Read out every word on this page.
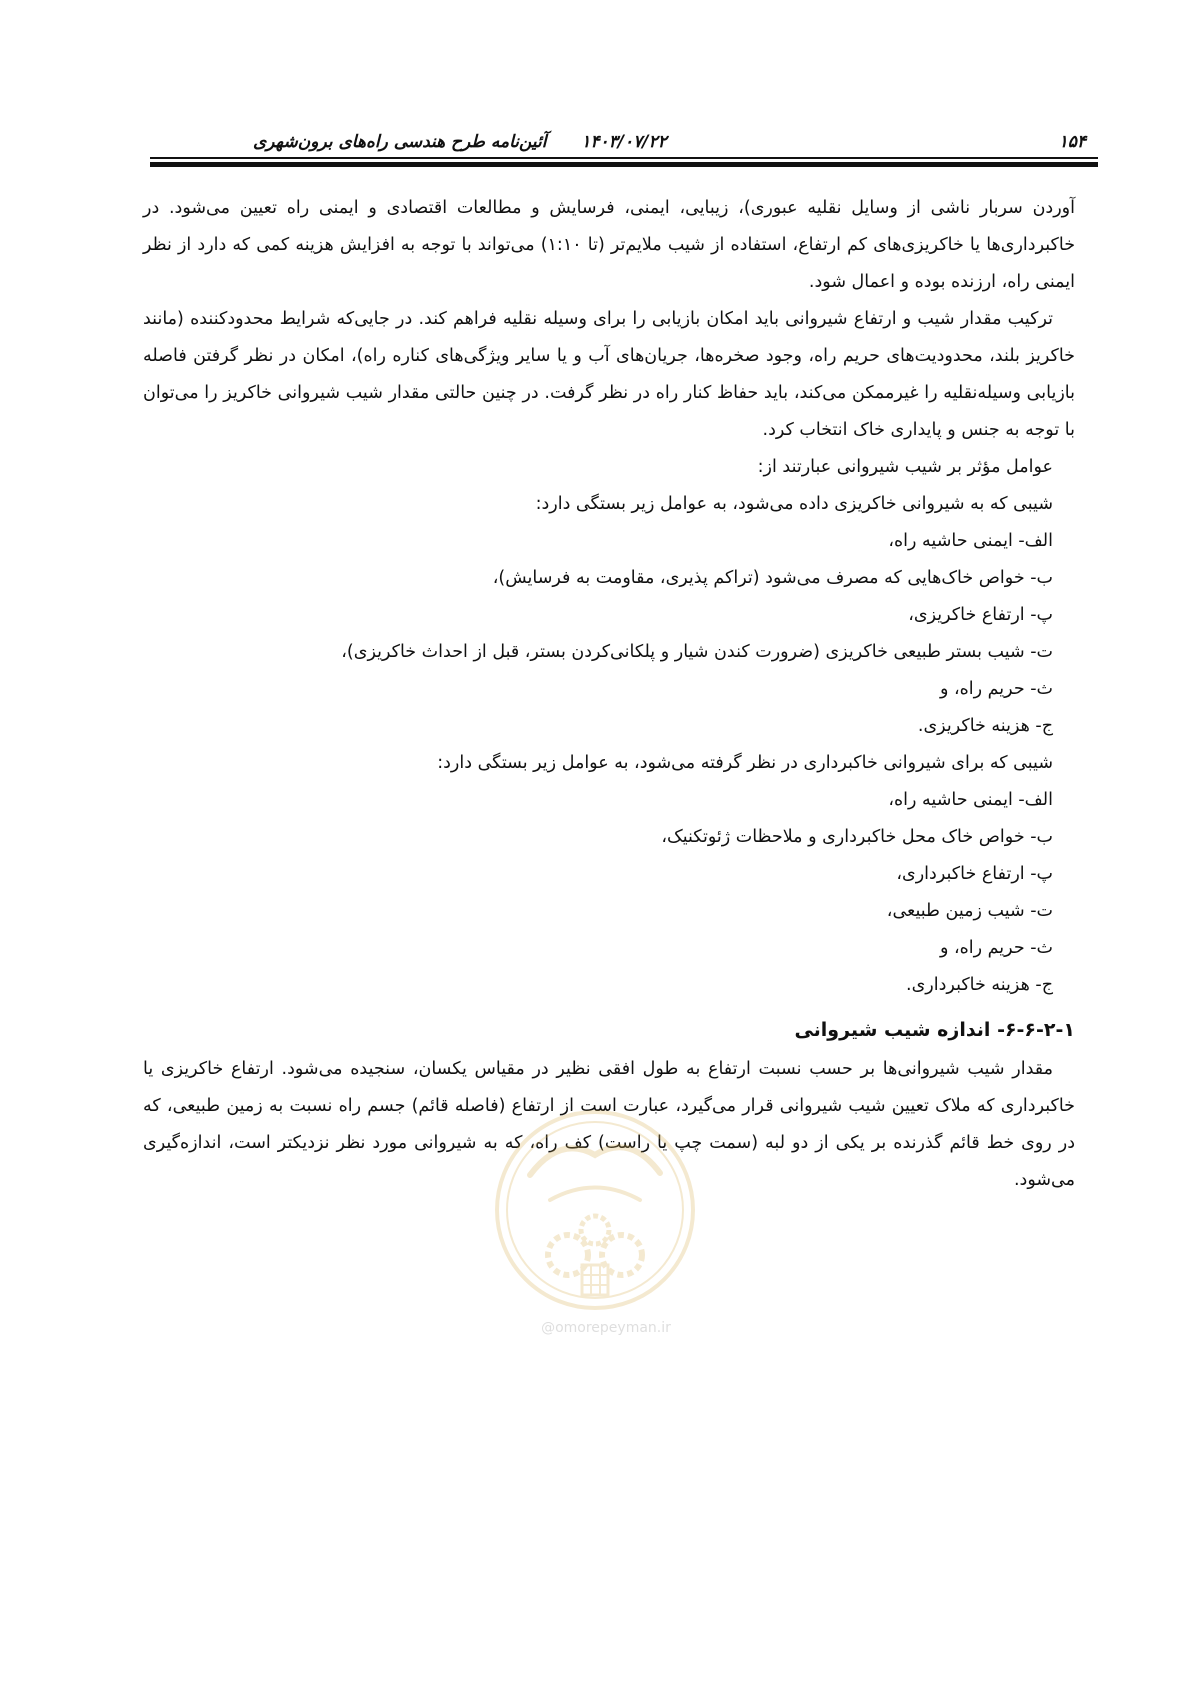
۱۵۴
۱۴۰۳/۰۷/۲۲
آئین‌نامه طرح هندسی راه‌های برون‌شهری

آوردن سربار ناشی از وسایل نقلیه عبوری)، زیبایی، ایمنی، فرسایش و مطالعات اقتصادی و ایمنی راه تعیین می‌شود. در خاکبرداری‌ها یا خاکریزی‌های کم ارتفاع، استفاده از شیب ملایم‌تر (تا ۱:۱۰) می‌تواند با توجه به افزایش هزینه کمی که دارد از نظر ایمنی راه، ارزنده بوده و اعمال شود.

ترکیب مقدار شیب و ارتفاع شیروانی باید امکان بازیابی را برای وسیله نقلیه فراهم کند. در جایی‌که شرایط محدودکننده (مانند خاکریز بلند، محدودیت‌های حریم راه، وجود صخره‌ها، جریان‌های آب و یا سایر ویژگی‌های کناره راه)، امکان در نظر گرفتن فاصله بازیابی وسیله‌نقلیه را غیرممکن می‌کند، باید حفاظ کنار راه در نظر گرفت. در چنین حالتی مقدار شیب شیروانی خاکریز را می‌توان با توجه به جنس و پایداری خاک انتخاب کرد.

عوامل مؤثر بر شیب شیروانی عبارتند از:

شیبی که به شیروانی خاکریزی داده می‌شود، به عوامل زیر بستگی دارد:

الف- ایمنی حاشیه راه،

ب- خواص خاک‌هایی که مصرف می‌شود (تراکم پذیری، مقاومت به فرسایش)،

پ- ارتفاع خاکریزی،

ت- شیب بستر طبیعی خاکریزی (ضرورت کندن شیار و پلکانی‌کردن بستر، قبل از احداث خاکریزی)،

ث- حریم راه، و

ج- هزینه خاکریزی.

شیبی که برای شیروانی خاکبرداری در نظر گرفته می‌شود، به عوامل زیر بستگی دارد:

الف- ایمنی حاشیه راه،

ب- خواص خاک محل خاکبرداری و ملاحظات ژئوتکنیک،

پ- ارتفاع خاکبرداری،

ت- شیب زمین طبیعی،

ث- حریم راه، و

ج- هزینه خاکبرداری.

۶-۶-۲-۱- اندازه شیب شیروانی

مقدار شیب شیروانی‌ها بر حسب نسبت ارتفاع به طول افقی نظیر در مقیاس یکسان، سنجیده می‌شود. ارتفاع خاکریزی یا خاکبرداری که ملاک تعیین شیب شیروانی قرار می‌گیرد، عبارت است از ارتفاع (فاصله قائم) جسم راه نسبت به زمین طبیعی، که در روی خط قائم گذرنده بر یکی از دو لبه (سمت چپ یا راست) کف راه، که به شیروانی مورد نظر نزدیکتر است، اندازه‌گیری می‌شود.

@omorepeyman.ir
